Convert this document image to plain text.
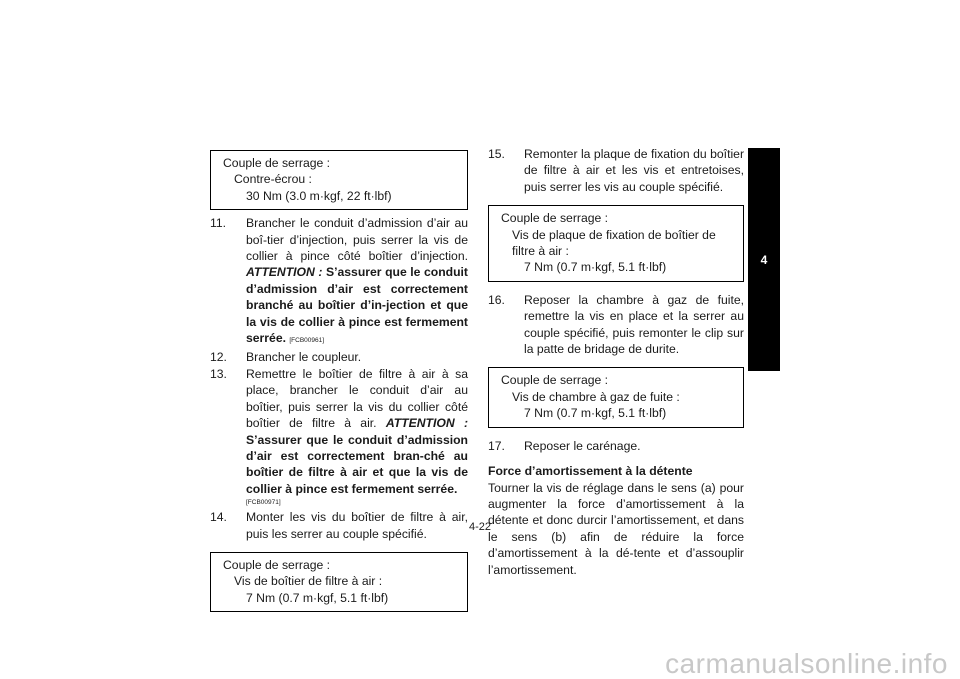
Couple de serrage :
Contre-écrou :
30 Nm (3.0 m·kgf, 22 ft·lbf)
11.	Brancher le conduit d’admission d’air au boî-tier d’injection, puis serrer la vis de collier à pince côté boîtier d’injection. ATTENTION : S’assurer que le conduit d’admission d’air est correctement branché au boîtier d’in-jection et que la vis de collier à pince est fermement serrée. [FCB00961]
12.	Brancher le coupleur.
13.	Remettre le boîtier de filtre à air à sa place, brancher le conduit d’air au boîtier, puis serrer la vis du collier côté boîtier de filtre à air. ATTENTION : S’assurer que le conduit d’admission d’air est correctement bran-ché au boîtier de filtre à air et que la vis de collier à pince est fermement serrée.
[FCB00971]
14.	Monter les vis du boîtier de filtre à air, puis les serrer au couple spécifié.
Couple de serrage :
Vis de boîtier de filtre à air :
7 Nm (0.7 m·kgf, 5.1 ft·lbf)
15.	Remonter la plaque de fixation du boîtier de filtre à air et les vis et entretoises, puis serrer les vis au couple spécifié.
Couple de serrage :
Vis de plaque de fixation de boîtier de filtre à air :
7 Nm (0.7 m·kgf, 5.1 ft·lbf)
16.	Reposer la chambre à gaz de fuite, remettre la vis en place et la serrer au couple spécifié, puis remonter le clip sur la patte de bridage de durite.
Couple de serrage :
Vis de chambre à gaz de fuite :
7 Nm (0.7 m·kgf, 5.1 ft·lbf)
17.	Reposer le carénage.
Force d’amortissement à la détente
Tourner la vis de réglage dans le sens (a) pour augmenter la force d’amortissement à la détente et donc durcir l’amortissement, et dans le sens (b) afin de réduire la force d’amortissement à la dé-tente et d’assouplir l’amortissement.
4
4-22
carmanualsonline.info
